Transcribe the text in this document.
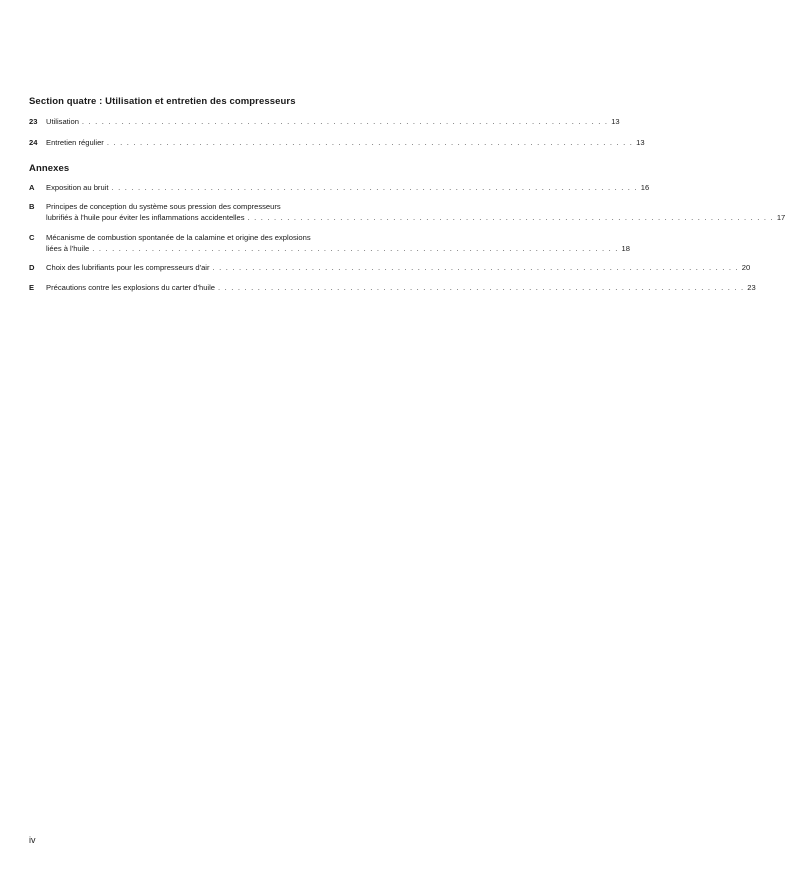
Section quatre : Utilisation et entretien des compresseurs
23	Utilisation . . . . . . . . . . . . . . . . . . . . . . . . . . . . . . . . . . . . . . . . . . . . . . . . . . . . . . . . . . . . . . . . . . . . . . . . . . . . . . . . 13
24	Entretien régulier . . . . . . . . . . . . . . . . . . . . . . . . . . . . . . . . . . . . . . . . . . . . . . . . . . . . . . . . . . . . . . . . . . . . . . . . . . . . . . . . 13
Annexes
A	Exposition au bruit . . . . . . . . . . . . . . . . . . . . . . . . . . . . . . . . . . . . . . . . . . . . . . . . . . . . . . . . . . . . . . . . . . . . . . . . . . . . . . . . 16
B	Principes de conception du système sous pression des compresseurs
lubrifiés à l'huile pour éviter les inflammations accidentelles . . . . . . . . . . . . . . . . . . . . . . . . . . . . . . . . . . . . . . . . . . . . . . . . . . . . . . . . . . . . . . . . . . . . . . . . . . . . . . . . 17
C	Mécanisme de combustion spontanée de la calamine et origine des explosions
liées à l'huile . . . . . . . . . . . . . . . . . . . . . . . . . . . . . . . . . . . . . . . . . . . . . . . . . . . . . . . . . . . . . . . . . . . . . . . . . . . . . . . . 18
D	Choix des lubrifiants pour les compresseurs d'air . . . . . . . . . . . . . . . . . . . . . . . . . . . . . . . . . . . . . . . . . . . . . . . . . . . . . . . . . . . . . . . . . . . . . . . . . . . . . . . . 20
E	Précautions contre les explosions du carter d'huile . . . . . . . . . . . . . . . . . . . . . . . . . . . . . . . . . . . . . . . . . . . . . . . . . . . . . . . . . . . . . . . . . . . . . . . . . . . . . . . . 23
iv
